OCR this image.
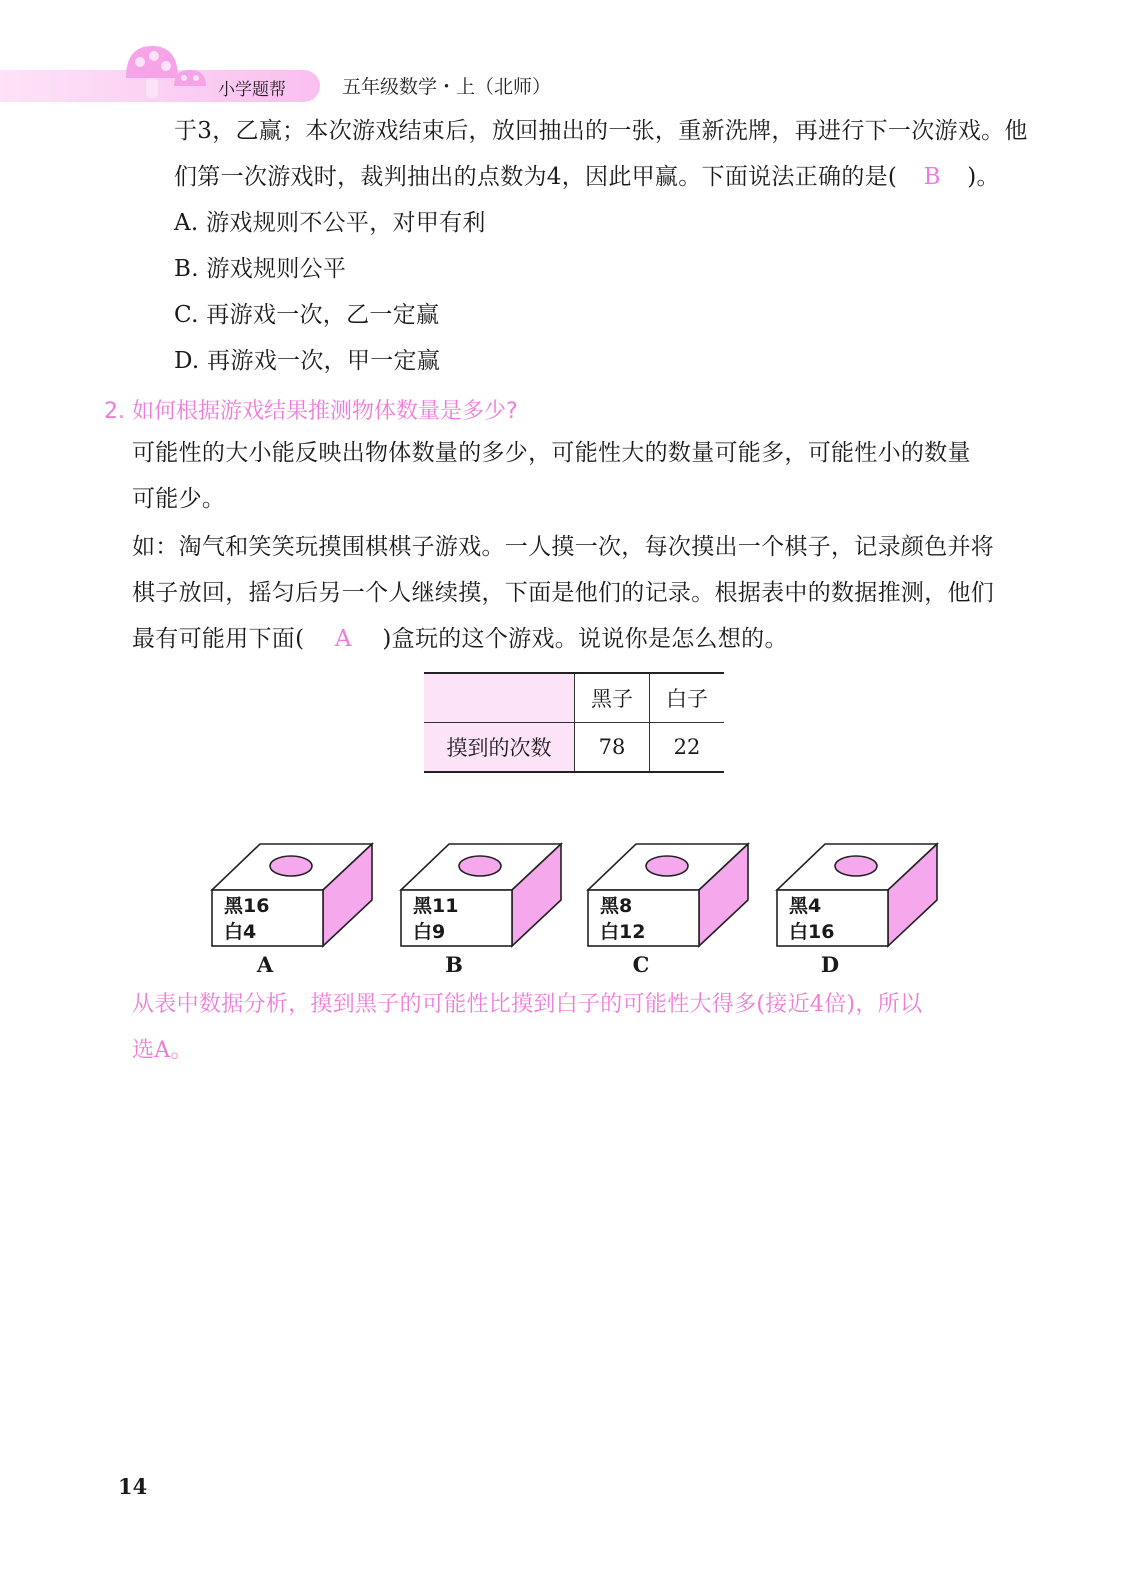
小学题帮	五年级数学・上（北师）
于3，乙赢；本次游戏结束后，放回抽出的一张，重新洗牌，再进行下一次游戏。他
们第一次游戏时，裁判抽出的点数为4，因此甲赢。下面说法正确的是( B )。
A. 游戏规则不公平，对甲有利
B. 游戏规则公平
C. 再游戏一次，乙一定赢
D. 再游戏一次，甲一定赢
2. 如何根据游戏结果推测物体数量是多少?
可能性的大小能反映出物体数量的多少，可能性大的数量可能多，可能性小的数量
可能少。
如：淘气和笑笑玩摸围棋棋子游戏。一人摸一次，每次摸出一个棋子，记录颜色并将
棋子放回，摇匀后另一个人继续摸，下面是他们的记录。根据表中的数据推测，他们
最有可能用下面( A )盒玩的这个游戏。说说你是怎么想的。
	黑子	白子
摸到的次数	78	22
黑16
白4
A
黑11
白9
B
黑8
白12
C
黑4
白16
D
从表中数据分析，摸到黑子的可能性比摸到白子的可能性大得多(接近4倍)，所以
选A。
14
